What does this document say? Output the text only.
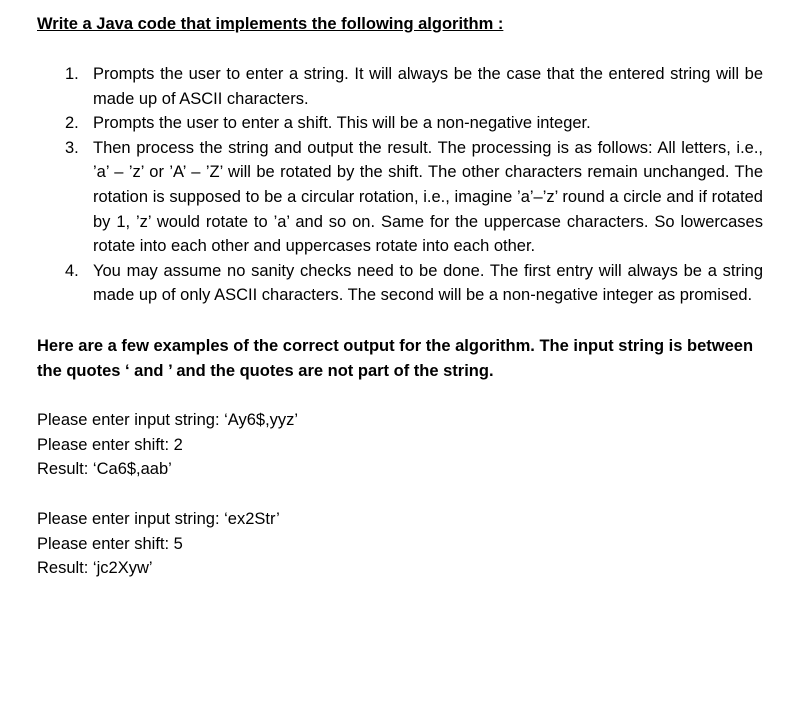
Write a Java code that implements the following algorithm :
1. Prompts the user to enter a string. It will always be the case that the entered string will be made up of ASCII characters.
2. Prompts the user to enter a shift. This will be a non-negative integer.
3. Then process the string and output the result. The processing is as follows: All letters, i.e., ’a’ – ’z’ or ’A’ – ’Z’ will be rotated by the shift. The other characters remain unchanged. The rotation is supposed to be a circular rotation, i.e., imagine ’a’–’z’ round a circle and if rotated by 1, ’z’ would rotate to ’a’ and so on. Same for the uppercase characters. So lowercases rotate into each other and uppercases rotate into each other.
4. You may assume no sanity checks need to be done. The first entry will always be a string made up of only ASCII characters. The second will be a non-negative integer as promised.

Here are a few examples of the correct output for the algorithm. The input string is between the quotes ‘ and ’ and the quotes are not part of the string.

Please enter input string: ‘Ay6$,yyz’
Please enter shift: 2
Result: ‘Ca6$,aab’
Please enter input string: ‘ex2Str’
Please enter shift: 5
Result: ‘jc2Xyw’
